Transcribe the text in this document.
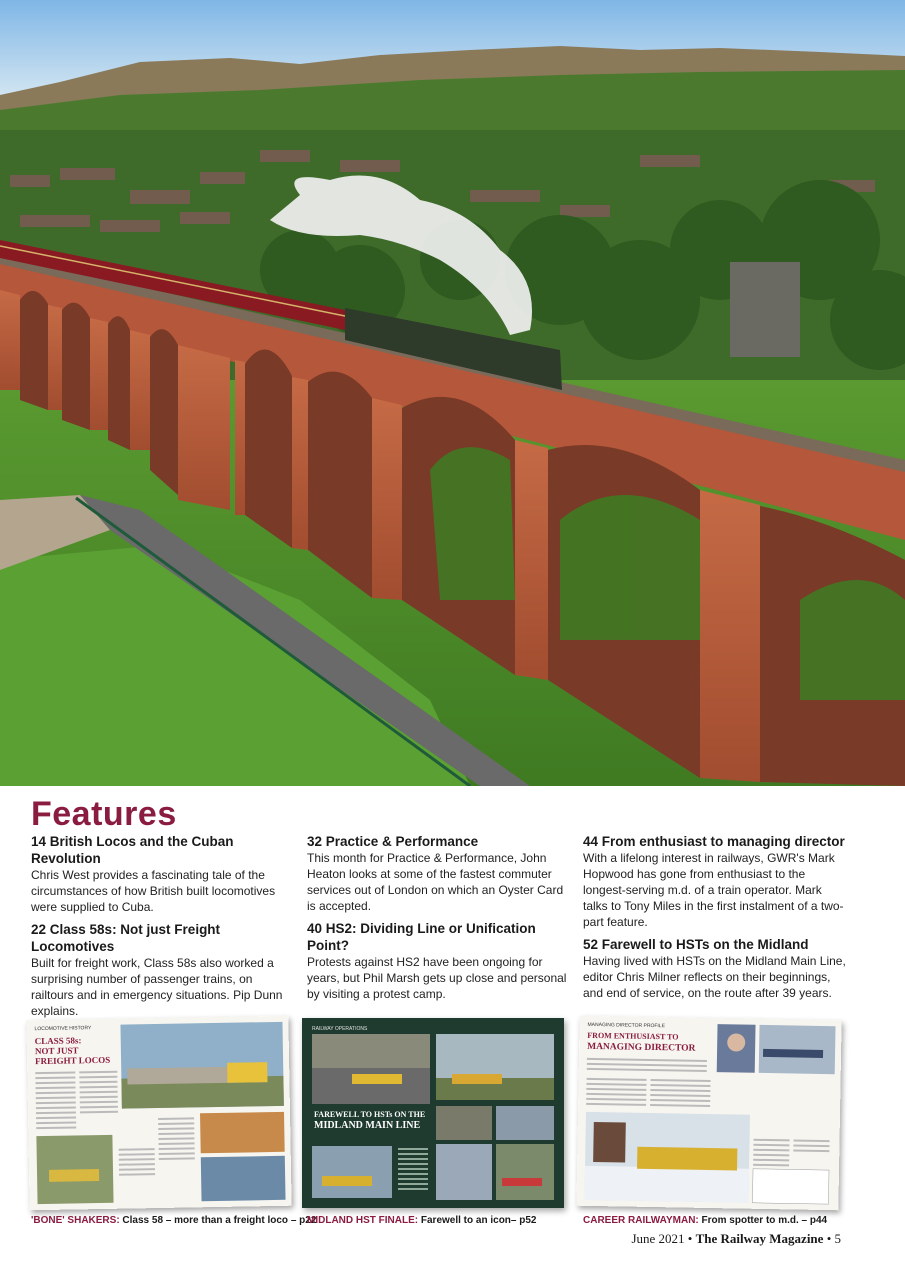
Features
14 British Locos and the Cuban Revolution

Chris West provides a fascinating tale of the circumstances of how British built locomotives were supplied to Cuba.

22 Class 58s: Not just Freight Locomotives

Built for freight work, Class 58s also worked a surprising number of passenger trains, on railtours and in emergency situations. Pip Dunn explains.

32 Practice & Performance

This month for Practice & Performance, John Heaton looks at some of the fastest commuter services out of London on which an Oyster Card is accepted.

40 HS2: Dividing Line or Unification Point?

Protests against HS2 have been ongoing for years, but Phil Marsh gets up close and personal by visiting a protest camp.

44 From enthusiast to managing director

With a lifelong interest in railways, GWR's Mark Hopwood has gone from enthusiast to the longest-serving m.d. of a train operator. Mark talks to Tony Miles in the first instalment of a two-part feature.

52 Farewell to HSTs on the Midland

Having lived with HSTs on the Midland Main Line, editor Chris Milner reflects on their beginnings, and end of service, on the route after 39 years.

LOCOMOTIVE HISTORY
CLASS 58s:
NOT JUST
FREIGHT LOCOS
RAILWAY OPERATIONS
FAREWELL TO HSTs ON THE
MIDLAND MAIN LINE
MANAGING DIRECTOR PROFILE
FROM ENTHUSIAST TO
MANAGING DIRECTOR
'BONE' SHAKERS: Class 58 – more than a freight loco – p22
MIDLAND HST FINALE: Farewell to an icon– p52	CAREER RAILWAYMAN: From spotter to m.d. – p44
June 2021 • The Railway Magazine • 5
